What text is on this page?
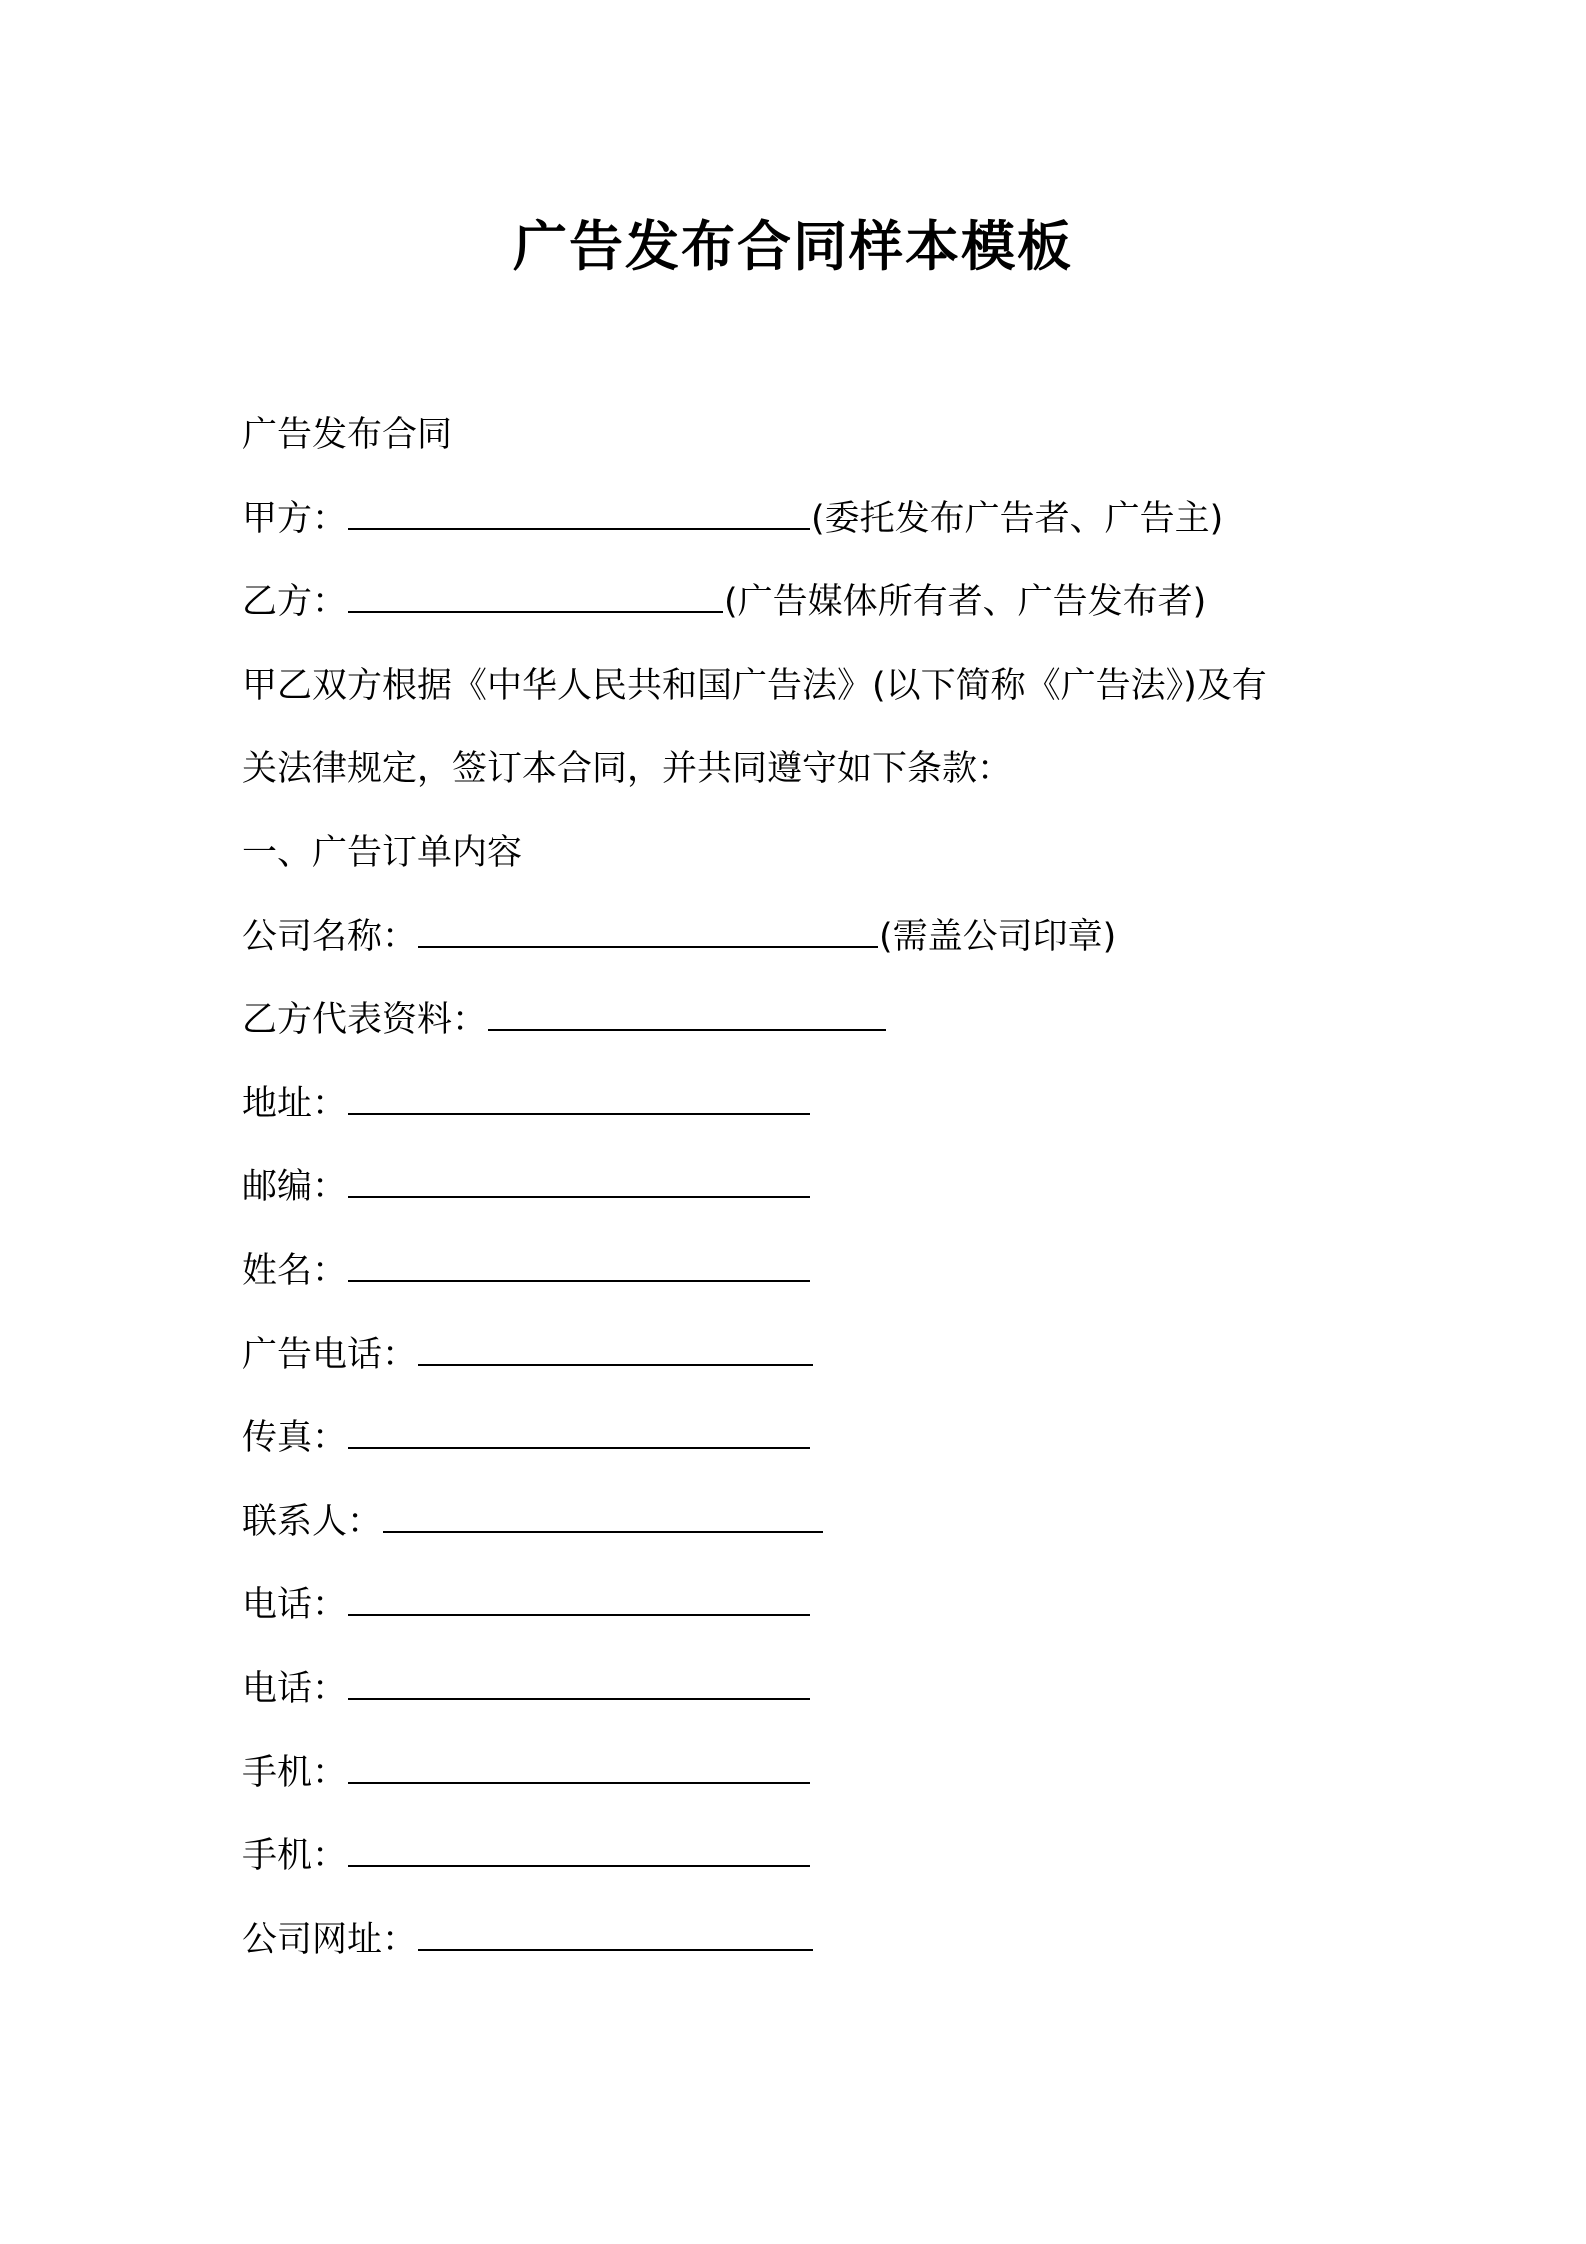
广告发布合同样本模板
广告发布合同
甲方：	(委托发布广告者、广告主)
乙方：	(广告媒体所有者、广告发布者)
甲乙双方根据《中华人民共和国广告法》(以下简称《广告法》)及有
关法律规定，签订本合同，并共同遵守如下条款：
一、广告订单内容
公司名称：	(需盖公司印章)
乙方代表资料：
地址：
邮编：
姓名：
广告电话：
传真：
联系人：
电话：
电话：
手机：
手机：
公司网址：
